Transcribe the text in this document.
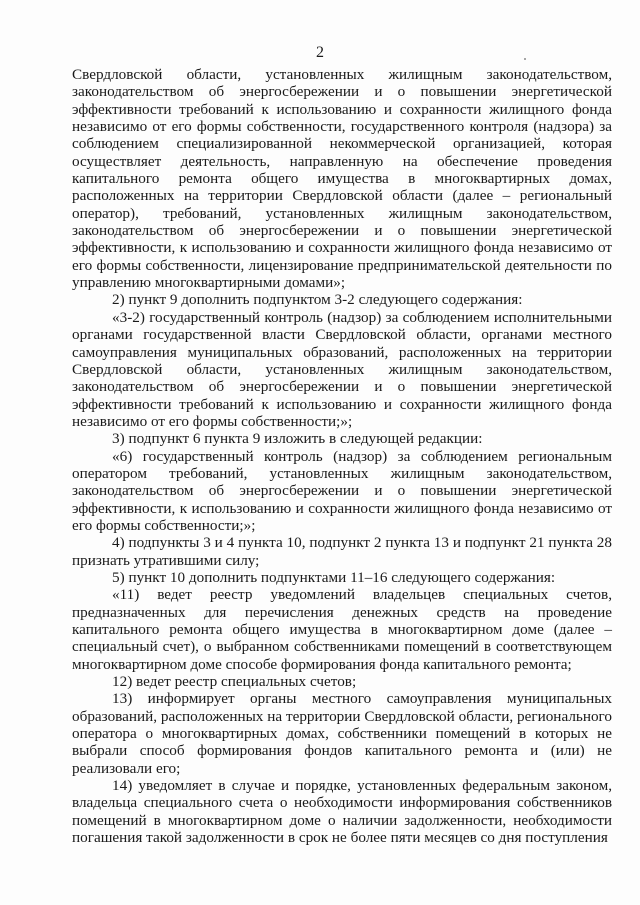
2

Свердловской области, установленных жилищным законодательством, законодательством об энергосбережении и о повышении энергетической эффективности требований к использованию и сохранности жилищного фонда независимо от его формы собственности, государственного контроля (надзора) за соблюдением специализированной некоммерческой организацией, которая осуществляет деятельность, направленную на обеспечение проведения капитального ремонта общего имущества в многоквартирных домах, расположенных на территории Свердловской области (далее – региональный оператор), требований, установленных жилищным законодательством, законодательством об энергосбережении и о повышении энергетической эффективности, к использованию и сохранности жилищного фонда независимо от его формы собственности, лицензирование предпринимательской деятельности по управлению многоквартирными домами»;

2) пункт 9 дополнить подпунктом 3-2 следующего содержания:

«3-2) государственный контроль (надзор) за соблюдением исполнительными органами государственной власти Свердловской области, органами местного самоуправления муниципальных образований, расположенных на территории Свердловской области, установленных жилищным законодательством, законодательством об энергосбережении и о повышении энергетической эффективности требований к использованию и сохранности жилищного фонда независимо от его формы собственности;»;

3) подпункт 6 пункта 9 изложить в следующей редакции:

«6) государственный контроль (надзор) за соблюдением региональным оператором требований, установленных жилищным законодательством, законодательством об энергосбережении и о повышении энергетической эффективности, к использованию и сохранности жилищного фонда независимо от его формы собственности;»;

4) подпункты 3 и 4 пункта 10, подпункт 2 пункта 13 и подпункт 21 пункта 28 признать утратившими силу;

5) пункт 10 дополнить подпунктами 11–16 следующего содержания:

«11) ведет реестр уведомлений владельцев специальных счетов, предназначенных для перечисления денежных средств на проведение капитального ремонта общего имущества в многоквартирном доме (далее – специальный счет), о выбранном собственниками помещений в соответствующем многоквартирном доме способе формирования фонда капитального ремонта;

12) ведет реестр специальных счетов;

13) информирует органы местного самоуправления муниципальных образований, расположенных на территории Свердловской области, регионального оператора о многоквартирных домах, собственники помещений в которых не выбрали способ формирования фондов капитального ремонта и (или) не реализовали его;

14) уведомляет в случае и порядке, установленных федеральным законом, владельца специального счета о необходимости информирования собственников помещений в многоквартирном доме о наличии задолженности, необходимости погашения такой задолженности в срок не более пяти месяцев со дня поступления
